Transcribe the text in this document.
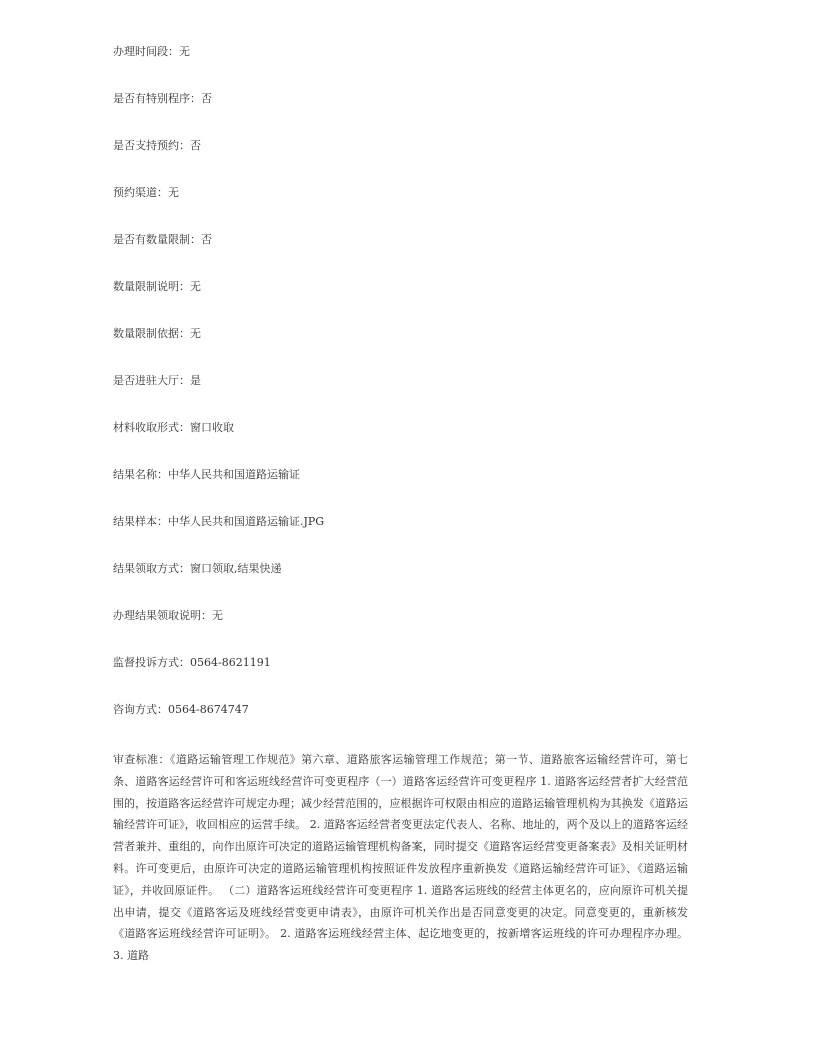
办理时间段：无
是否有特别程序：否
是否支持预约：否
预约渠道：无
是否有数量限制：否
数量限制说明：无
数量限制依据：无
是否进驻大厅：是
材料收取形式：窗口收取
结果名称：中华人民共和国道路运输证
结果样本：中华人民共和国道路运输证.JPG
结果领取方式：窗口领取,结果快递
办理结果领取说明：无
监督投诉方式：0564-8621191
咨询方式：0564-8674747

审查标准：《道路运输管理工作规范》第六章、道路旅客运输管理工作规范；第一节、道路旅客运输经营许可，第七条、道路客运经营许可和客运班线经营许可变更程序（一）道路客运经营许可变更程序 1. 道路客运经营者扩大经营范围的，按道路客运经营许可规定办理；减少经营范围的，应根据许可权限由相应的道路运输管理机构为其换发《道路运输经营许可证》，收回相应的运营手续。 2. 道路客运经营者变更法定代表人、名称、地址的，两个及以上的道路客运经营者兼并、重组的，向作出原许可决定的道路运输管理机构备案，同时提交《道路客运经营变更备案表》及相关证明材料。许可变更后，由原许可决定的道路运输管理机构按照证件发放程序重新换发《道路运输经营许可证》、《道路运输证》，并收回原证件。 （二）道路客运班线经营许可变更程序 1. 道路客运班线的经营主体更名的，应向原许可机关提出申请，提交《道路客运及班线经营变更申请表》，由原许可机关作出是否同意变更的决定。同意变更的，重新核发《道路客运班线经营许可证明》。 2. 道路客运班线经营主体、起讫地变更的，按新增客运班线的许可办理程序办理。 3. 道路
